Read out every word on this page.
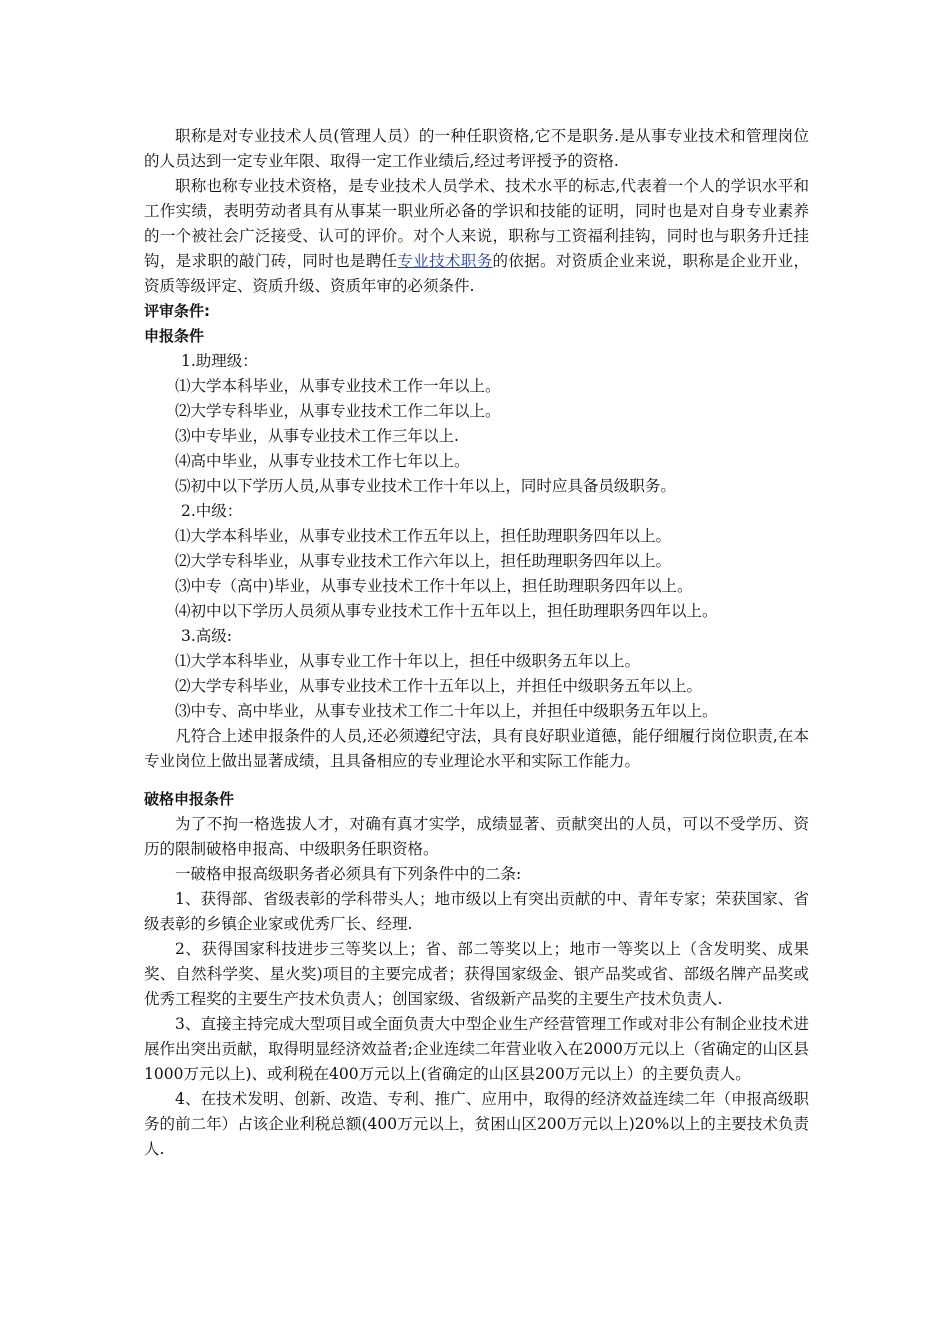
职称是对专业技术人员(管理人员）的一种任职资格,它不是职务.是从事专业技术和管理岗位的人员达到一定专业年限、取得一定工作业绩后,经过考评授予的资格.

职称也称专业技术资格，是专业技术人员学术、技术水平的标志,代表着一个人的学识水平和工作实绩，表明劳动者具有从事某一职业所必备的学识和技能的证明，同时也是对自身专业素养的一个被社会广泛接受、认可的评价。对个人来说，职称与工资福利挂钩，同时也与职务升迁挂钩，是求职的敲门砖，同时也是聘任专业技术职务的依据。对资质企业来说，职称是企业开业，资质等级评定、资质升级、资质年审的必须条件.

评审条件:

申报条件

1.助理级：

⑴大学本科毕业，从事专业技术工作一年以上。

⑵大学专科毕业，从事专业技术工作二年以上。

⑶中专毕业，从事专业技术工作三年以上.

⑷高中毕业，从事专业技术工作七年以上。

⑸初中以下学历人员,从事专业技术工作十年以上，同时应具备员级职务。

2.中级：

⑴大学本科毕业，从事专业技术工作五年以上，担任助理职务四年以上。

⑵大学专科毕业，从事专业技术工作六年以上，担任助理职务四年以上。

⑶中专（高中)毕业，从事专业技术工作十年以上，担任助理职务四年以上。

⑷初中以下学历人员须从事专业技术工作十五年以上，担任助理职务四年以上。

3.高级:

⑴大学本科毕业，从事专业工作十年以上，担任中级职务五年以上。

⑵大学专科毕业，从事专业技术工作十五年以上，并担任中级职务五年以上。

⑶中专、高中毕业，从事专业技术工作二十年以上，并担任中级职务五年以上。

凡符合上述申报条件的人员,还必须遵纪守法，具有良好职业道德，能仔细履行岗位职责,在本专业岗位上做出显著成绩，且具备相应的专业理论水平和实际工作能力。

破格申报条件

为了不拘一格选拔人才，对确有真才实学，成绩显著、贡献突出的人员，可以不受学历、资历的限制破格申报高、中级职务任职资格。

一破格申报高级职务者必须具有下列条件中的二条:

1、获得部、省级表彰的学科带头人；地市级以上有突出贡献的中、青年专家；荣获国家、省级表彰的乡镇企业家或优秀厂长、经理.

2、获得国家科技进步三等奖以上；省、部二等奖以上；地市一等奖以上（含发明奖、成果奖、自然科学奖、星火奖)项目的主要完成者；获得国家级金、银产品奖或省、部级名牌产品奖或优秀工程奖的主要生产技术负责人；创国家级、省级新产品奖的主要生产技术负责人.

3、直接主持完成大型项目或全面负责大中型企业生产经营管理工作或对非公有制企业技术进展作出突出贡献，取得明显经济效益者;企业连续二年营业收入在2000万元以上（省确定的山区县1000万元以上)、或利税在400万元以上(省确定的山区县200万元以上）的主要负责人。

4、在技术发明、创新、改造、专利、推广、应用中，取得的经济效益连续二年（申报高级职务的前二年）占该企业利税总额(400万元以上，贫困山区200万元以上)20%以上的主要技术负责人.
